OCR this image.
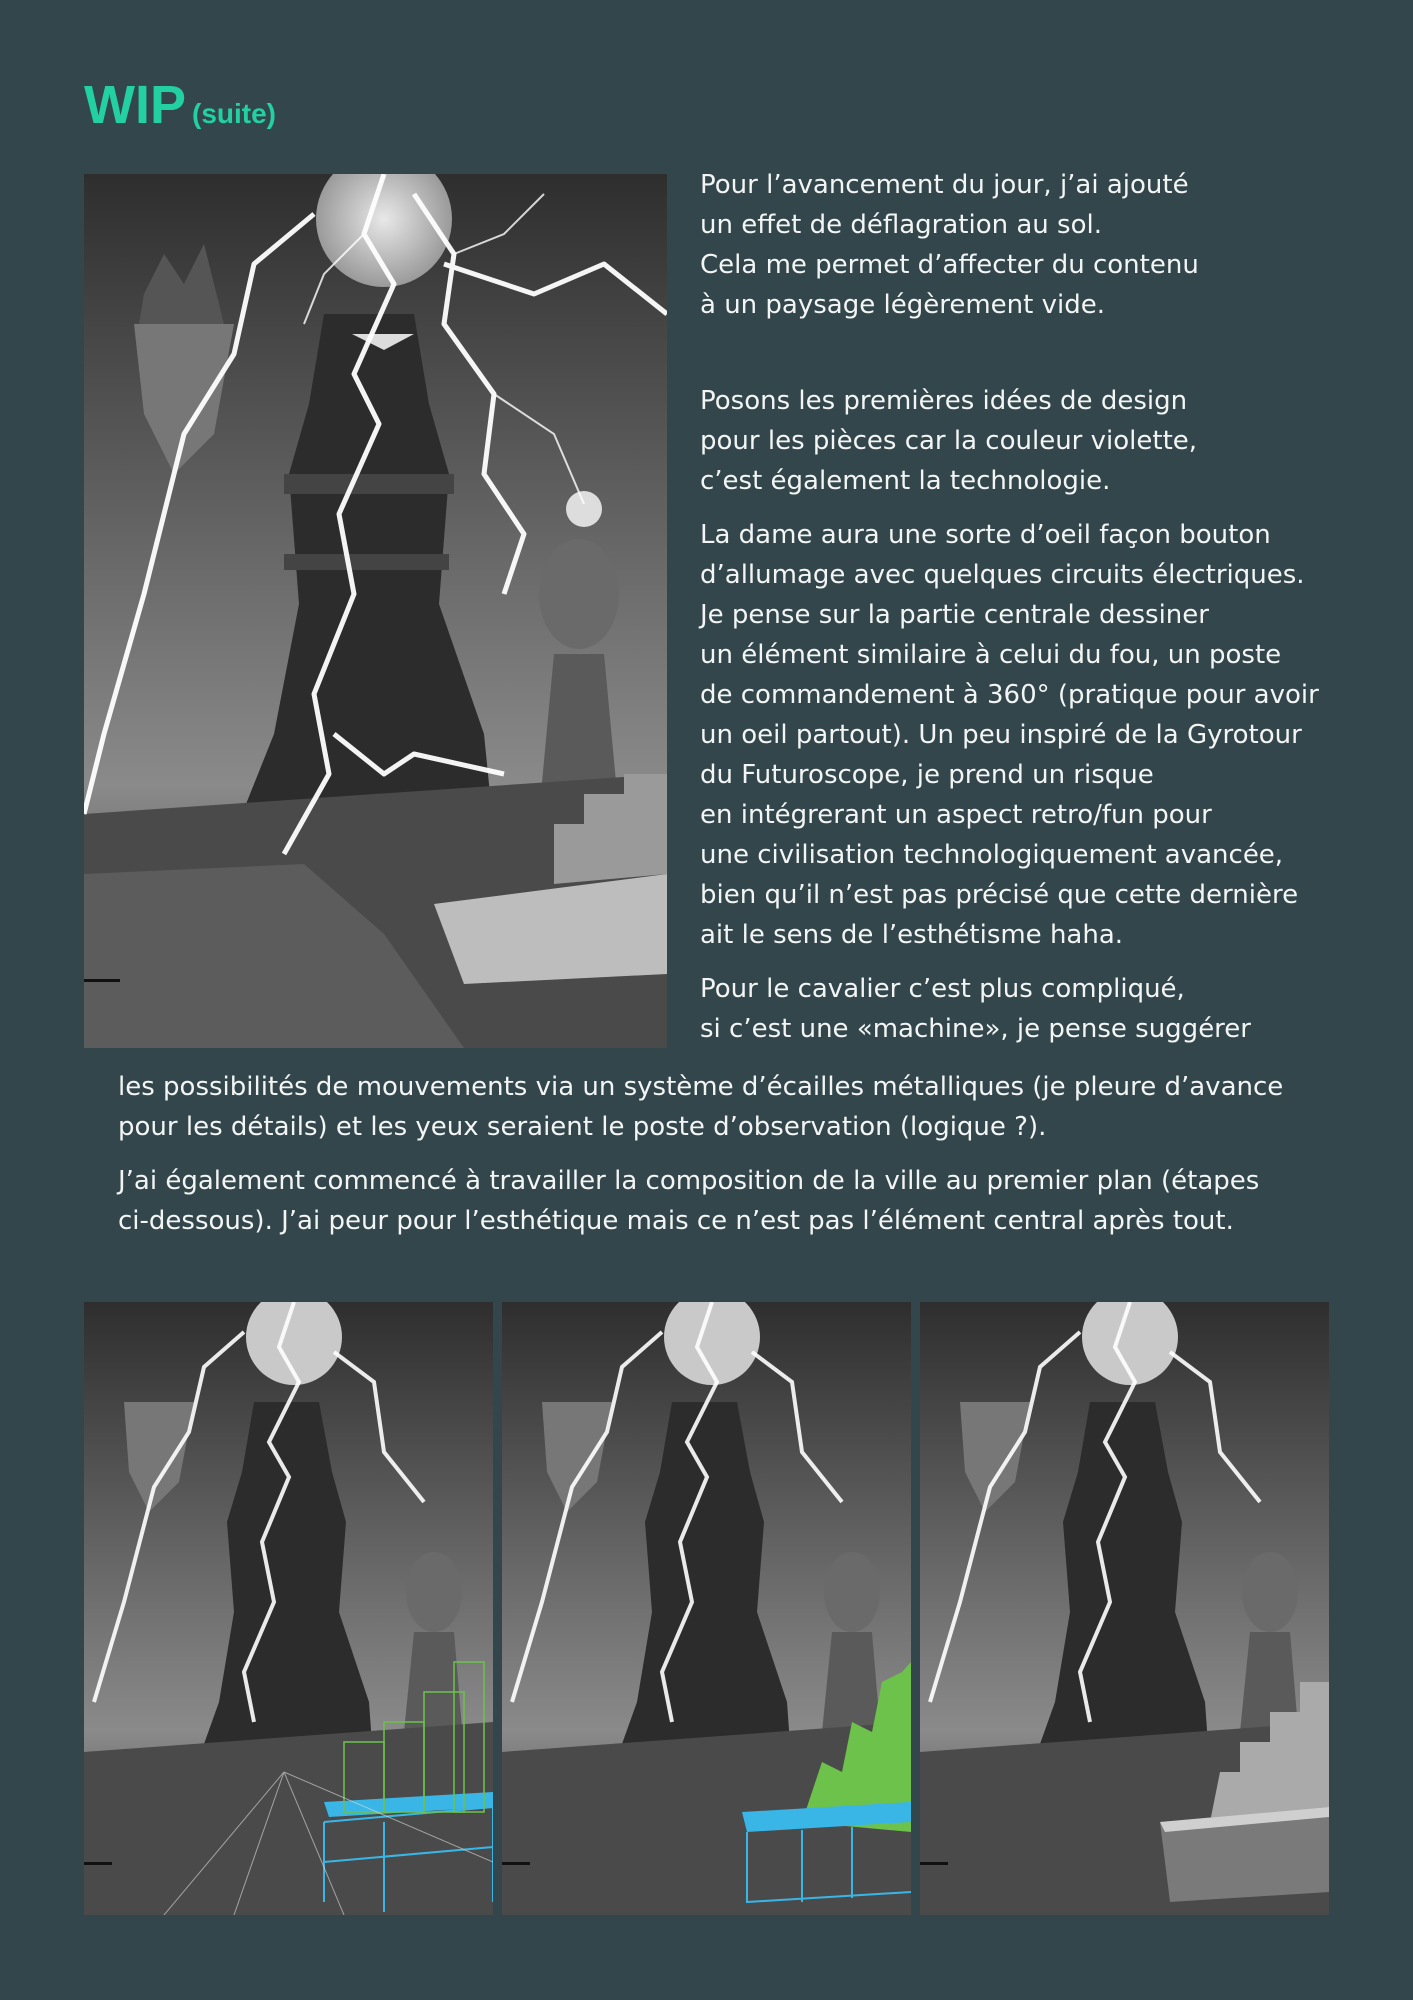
WIP (suite)

Pour l’avancement du jour, j’ai ajouté
un effet de déflagration au sol.
Cela me permet d’affecter du contenu
à un paysage légèrement vide.

Posons les premières idées de design
pour les pièces car la couleur violette,
c’est également la technologie.

La dame aura une sorte d’oeil façon bouton
d’allumage avec quelques circuits électriques.
Je pense sur la partie centrale dessiner
un élément similaire à celui du fou, un poste
de commandement à 360° (pratique pour avoir
un oeil partout). Un peu inspiré de la Gyrotour
du Futuroscope, je prend un risque
en intégrerant un aspect retro/fun pour
une civilisation technologiquement avancée,
bien qu’il n’est pas précisé que cette dernière
ait le sens de l’esthétisme haha.

Pour le cavalier c’est plus compliqué,
si c’est une «machine», je pense suggérer

les possibilités de mouvements via un système d’écailles métalliques (je pleure d’avance
pour les détails) et les yeux seraient le poste d’observation (logique ?).

J’ai également commencé à travailler la composition de la ville au premier plan (étapes
ci-dessous). J’ai peur pour l’esthétique mais ce n’est pas l’élément central après tout.
